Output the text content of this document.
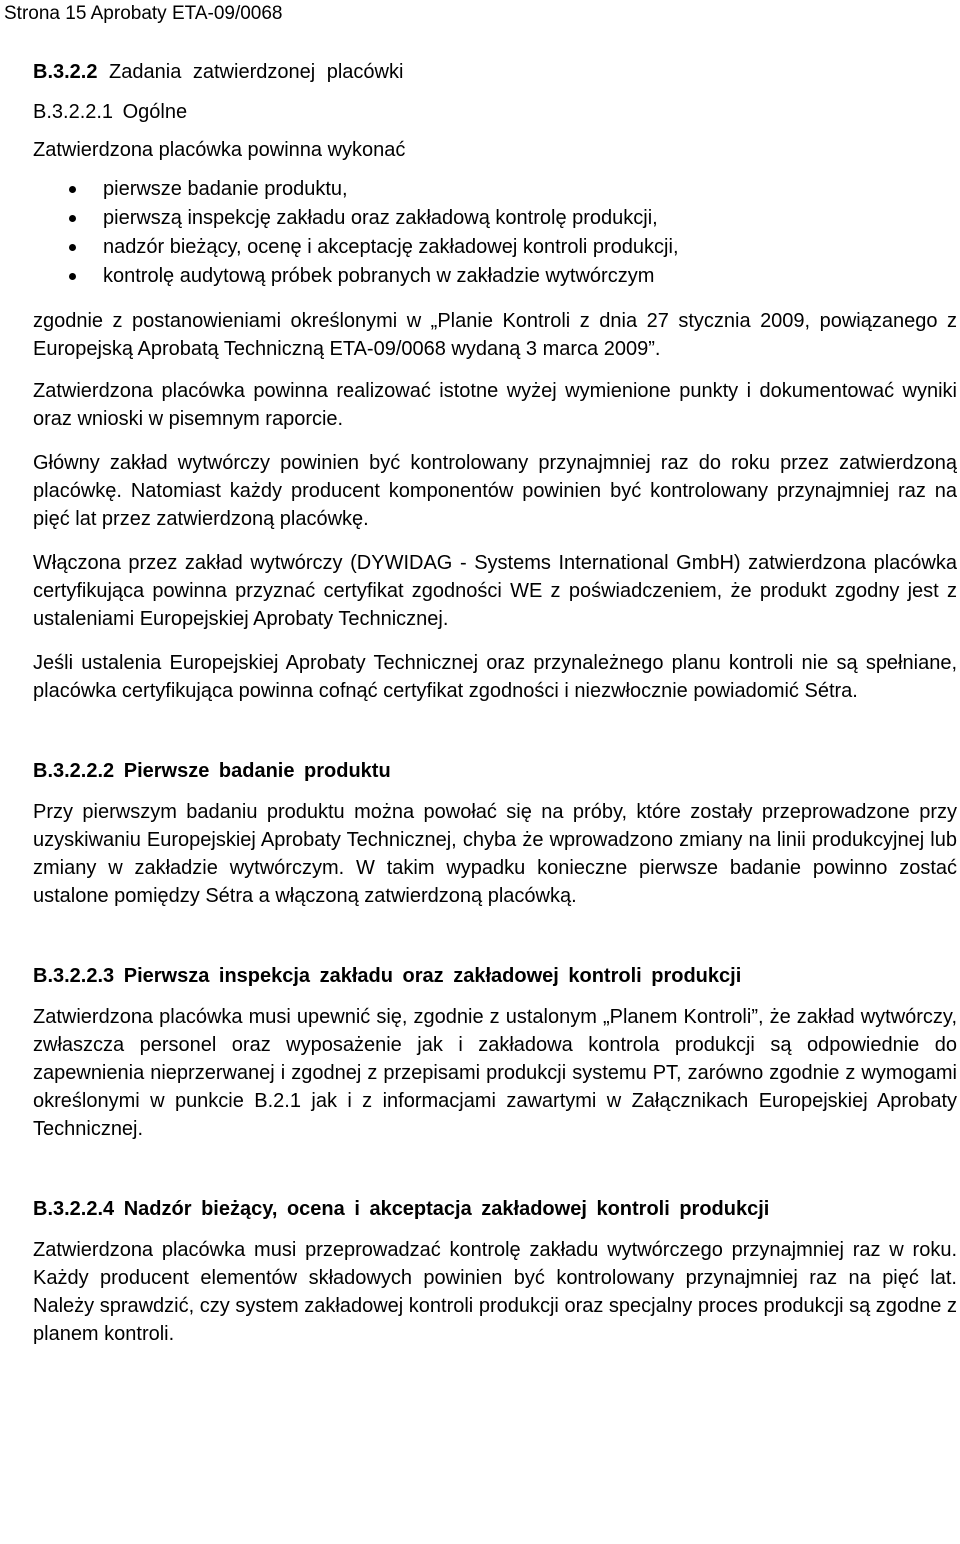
Strona 15 Aprobaty ETA-09/0068
B.3.2.2 Zadania zatwierdzonej placówki
B.3.2.2.1 Ogólne

Zatwierdzona placówka powinna wykonać

pierwsze badanie produktu,
pierwszą inspekcję zakładu oraz zakładową kontrolę produkcji,
nadzór bieżący, ocenę i akceptację zakładowej kontroli produkcji,
kontrolę audytową próbek pobranych w zakładzie wytwórczym

zgodnie z postanowieniami określonymi w „Planie Kontroli z dnia 27 stycznia 2009, powiązanego z Europejską Aprobatą Techniczną ETA-09/0068 wydaną 3 marca 2009”.

Zatwierdzona placówka powinna realizować istotne wyżej wymienione punkty i dokumentować wyniki oraz wnioski w pisemnym raporcie.

Główny zakład wytwórczy powinien być kontrolowany przynajmniej raz do roku przez zatwierdzoną placówkę. Natomiast każdy producent komponentów powinien być kontrolowany przynajmniej raz na pięć lat przez zatwierdzoną placówkę.

Włączona przez zakład wytwórczy (DYWIDAG - Systems International GmbH) zatwierdzona placówka certyfikująca powinna przyznać certyfikat zgodności WE z poświadczeniem, że produkt zgodny jest z ustaleniami Europejskiej Aprobaty Technicznej.

Jeśli ustalenia Europejskiej Aprobaty Technicznej oraz przynależnego planu kontroli nie są spełniane, placówka certyfikująca powinna cofnąć certyfikat zgodności i niezwłocznie powiadomić Sétra.

B.3.2.2.2 Pierwsze badanie produktu

Przy pierwszym badaniu produktu można powołać się na próby, które zostały przeprowadzone przy uzyskiwaniu Europejskiej Aprobaty Technicznej, chyba że wprowadzono zmiany na linii produkcyjnej lub zmiany w zakładzie wytwórczym. W takim wypadku konieczne pierwsze badanie powinno zostać ustalone pomiędzy Sétra a włączoną zatwierdzoną placówką.

B.3.2.2.3 Pierwsza inspekcja zakładu oraz zakładowej kontroli produkcji

Zatwierdzona placówka musi upewnić się, zgodnie z ustalonym „Planem Kontroli”, że zakład wytwórczy, zwłaszcza personel oraz wyposażenie jak i zakładowa kontrola produkcji są odpowiednie do zapewnienia nieprzerwanej i zgodnej z przepisami produkcji systemu PT, zarówno zgodnie z wymogami określonymi w punkcie B.2.1 jak i z informacjami zawartymi w Załącznikach Europejskiej Aprobaty Technicznej.

B.3.2.2.4 Nadzór bieżący, ocena i akceptacja zakładowej kontroli produkcji

Zatwierdzona placówka musi przeprowadzać kontrolę zakładu wytwórczego przynajmniej raz w roku. Każdy producent elementów składowych powinien być kontrolowany przynajmniej raz na pięć lat. Należy sprawdzić, czy system zakładowej kontroli produkcji oraz specjalny proces produkcji są zgodne z planem kontroli.
